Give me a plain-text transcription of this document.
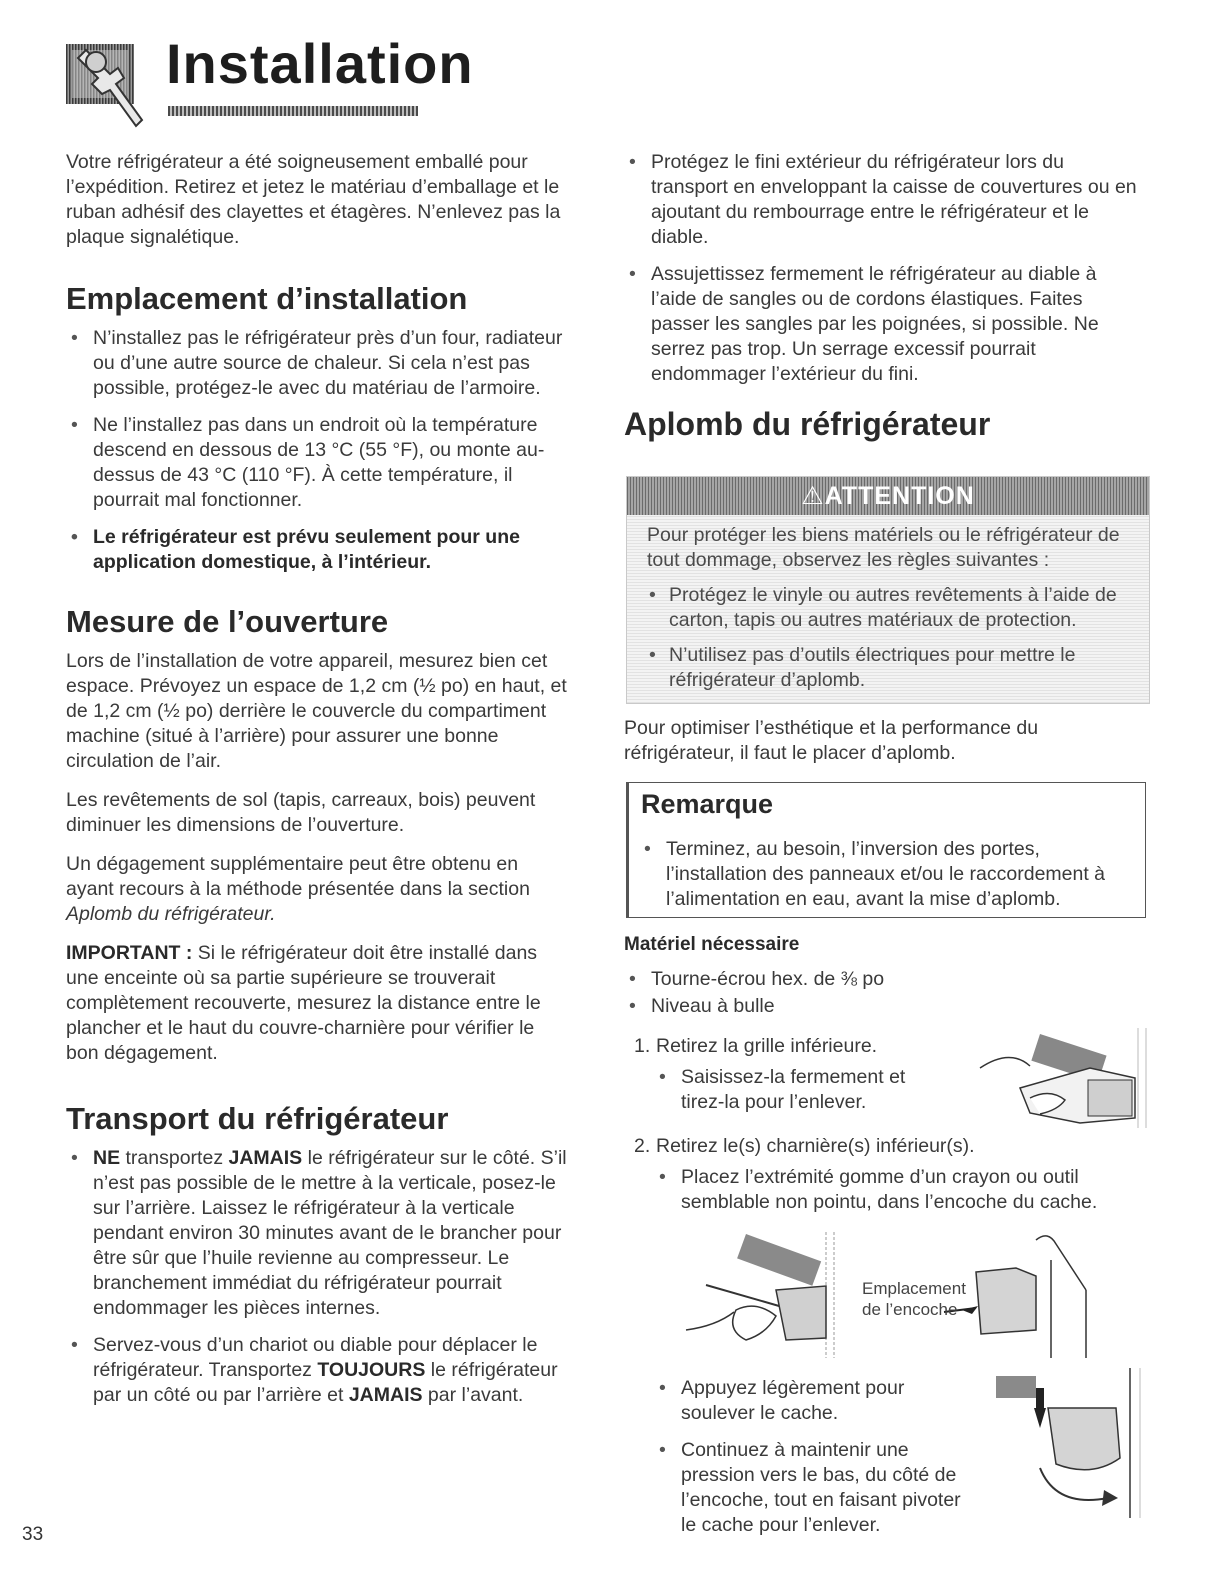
Installation

Votre réfrigérateur a été soigneusement emballé pour l’expédition. Retirez et jetez le matériau d’emballage et le ruban adhésif des clayettes et étagères. N’enlevez pas la plaque signalétique.

Emplacement d’installation
• N’installez pas le réfrigérateur près d’un four, radiateur ou d’une autre source de chaleur. Si cela n’est pas possible, protégez-le avec du matériau de l’armoire.
• Ne l’installez pas dans un endroit où la température descend en dessous de 13 °C (55 °F), ou monte au-dessus de 43 °C (110 °F). À cette température, il pourrait mal fonctionner.
• Le réfrigérateur est prévu seulement pour une application domestique, à l’intérieur.
Mesure de l’ouverture

Lors de l’installation de votre appareil, mesurez bien cet espace. Prévoyez un espace de 1,2 cm (½ po) en haut, et de 1,2 cm (½ po) derrière le couvercle du compartiment machine (situé à l’arrière) pour assurer une bonne circulation de l’air.

Les revêtements de sol (tapis, carreaux, bois) peuvent diminuer les dimensions de l’ouverture.

Un dégagement supplémentaire peut être obtenu en ayant recours à la méthode présentée dans la section Aplomb du réfrigérateur.

IMPORTANT : Si le réfrigérateur doit être installé dans une enceinte où sa partie supérieure se trouverait complètement recouverte, mesurez la distance entre le plancher et le haut du couvre-charnière pour vérifier le bon dégagement.

Transport du réfrigérateur
• NE transportez JAMAIS le réfrigérateur sur le côté. S’il n’est pas possible de le mettre à la verticale, posez-le sur l’arrière. Laissez le réfrigérateur à la verticale pendant environ 30 minutes avant de le brancher pour être sûr que l’huile revienne au compresseur. Le branchement immédiat du réfrigérateur pourrait endommager les pièces internes.
• Servez-vous d’un chariot ou diable pour déplacer le réfrigérateur. Transportez TOUJOURS le réfrigérateur par un côté ou par l’arrière et JAMAIS par l’avant.
• Protégez le fini extérieur du réfrigérateur lors du transport en enveloppant la caisse de couvertures ou en ajoutant du rembourrage entre le réfrigérateur et le diable.
• Assujettissez fermement le réfrigérateur au diable à l’aide de sangles ou de cordons élastiques. Faites passer les sangles par les poignées, si possible. Ne serrez pas trop. Un serrage excessif pourrait endommager l’extérieur du fini.
Aplomb du réfrigérateur
⚠ATTENTION

Pour protéger les biens matériels ou le réfrigérateur de tout dommage, observez les règles suivantes :

• Protégez le vinyle ou autres revêtements à l’aide de carton, tapis ou autres matériaux de protection.
• N’utilisez pas d’outils électriques pour mettre le réfrigérateur d’aplomb.
Pour optimiser l’esthétique et la performance du réfrigérateur, il faut le placer d’aplomb.
Remarque
• Terminez, au besoin, l’inversion des portes, l’installation des panneaux et/ou le raccordement à l’alimentation en eau, avant la mise d’aplomb.
Matériel nécessaire
• Tourne-écrou hex. de ⅜ po
• Niveau à bulle
1. Retirez la grille inférieure.
• Saisissez-la fermement et tirez-la pour l’enlever.
2. Retirez le(s) charnière(s) inférieur(s).
• Placez l’extrémité gomme d’un crayon ou outil semblable non pointu, dans l’encoche du cache.
Emplacement
de l’encoche
• Appuyez légèrement pour soulever le cache.
• Continuez à maintenir une pression vers le bas, du côté de l’encoche, tout en faisant pivoter le cache pour l’enlever.
33
